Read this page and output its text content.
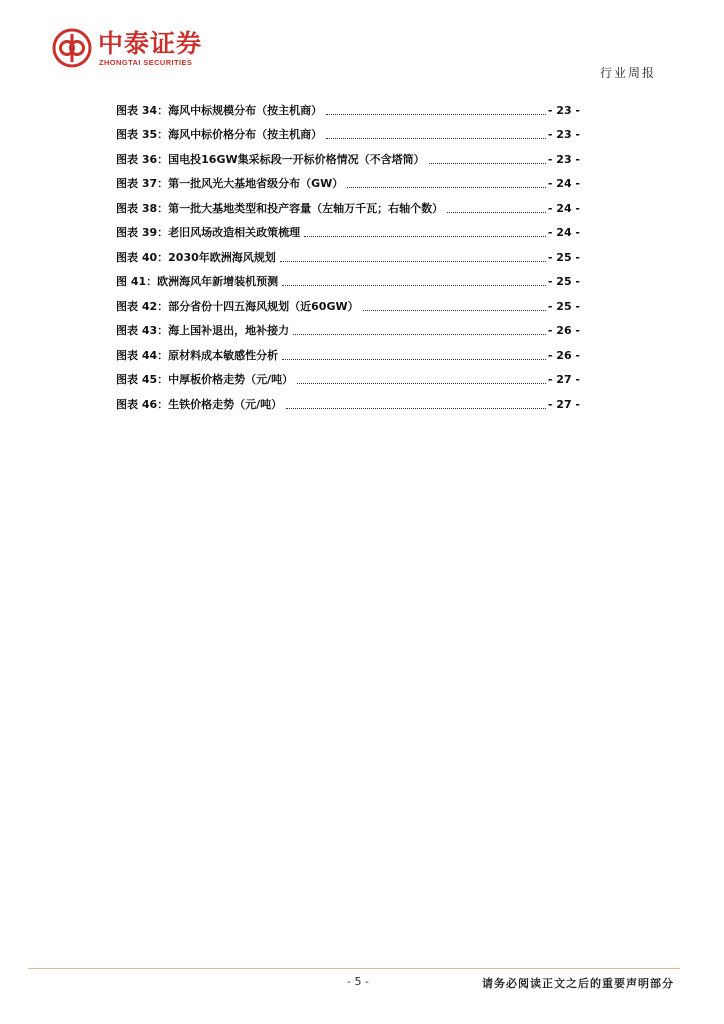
中泰证券
ZHONGTAI SECURITIES
行业周报
图表 34： 海风中标规模分布（按主机商）	- 23 -
图表 35： 海风中标价格分布（按主机商）	- 23 -
图表 36： 国电投16GW集采标段一开标价格情况（不含塔筒）	- 23 -
图表 37： 第一批风光大基地省级分布（GW）	- 24 -
图表 38： 第一批大基地类型和投产容量（左轴万千瓦；右轴个数）	- 24 -
图表 39： 老旧风场改造相关政策梳理	- 24 -
图表 40： 2030年欧洲海风规划	- 25 -
图 41： 欧洲海风年新增装机预测	- 25 -
图表 42： 部分省份十四五海风规划（近60GW）	- 25 -
图表 43： 海上国补退出，地补接力	- 26 -
图表 44： 原材料成本敏感性分析	- 26 -
图表 45： 中厚板价格走势（元/吨）	- 27 -
图表 46： 生铁价格走势（元/吨）	- 27 -
- 5 -	请务必阅读正文之后的重要声明部分
